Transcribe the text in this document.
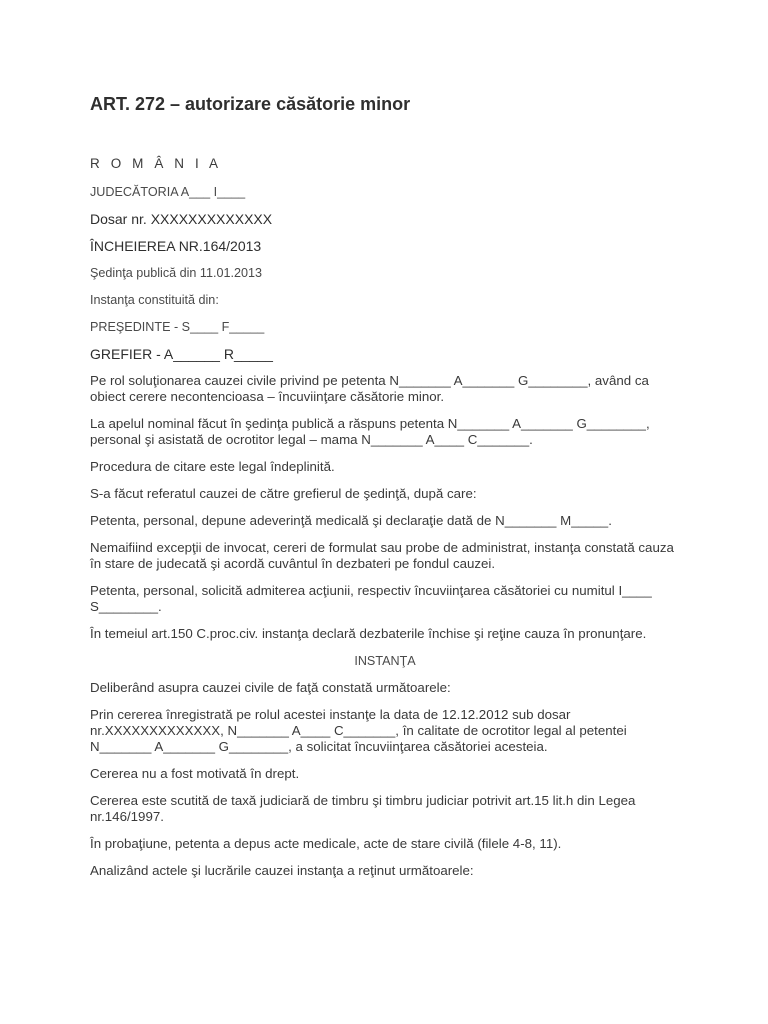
ART. 272 – autorizare căsătorie minor

R O M Â N I A

JUDECĂTORIA A___ I____

Dosar nr. XXXXXXXXXXXXX

ÎNCHEIEREA NR.164/2013

Şedinţa publică din 11.01.2013

Instanţa constituită din:

PREŞEDINTE - S____ F_____

GREFIER - A______ R_____

Pe rol soluţionarea cauzei civile privind pe petenta N_______ A_______ G________, având ca obiect cerere necontencioasa – încuviinţare căsătorie minor.

La apelul nominal făcut în şedinţa publică a răspuns petenta N_______ A_______ G________, personal şi asistată de ocrotitor legal – mama N_______ A____ C_______.

Procedura de citare este legal îndeplinită.

S-a făcut referatul cauzei de către grefierul de şedinţă, după care:

Petenta, personal, depune adeverinţă medicală şi declaraţie dată de N_______ M_____.

Nemaifiind excepţii de invocat, cereri de formulat sau probe de administrat, instanţa constată cauza în stare de judecată şi acordă cuvântul în dezbateri pe fondul cauzei.

Petenta, personal, solicită admiterea acţiunii, respectiv încuviinţarea căsătoriei cu numitul I____ S________.

În temeiul art.150 C.proc.civ. instanţa declară dezbaterile închise şi reţine cauza în pronunţare.

INSTANŢA

Deliberând asupra cauzei civile de faţă constată următoarele:

Prin cererea înregistrată pe rolul acestei instanţe la data de 12.12.2012 sub dosar nr.XXXXXXXXXXXXX, N_______ A____ C_______, în calitate de ocrotitor legal al petentei N_______ A_______ G________, a solicitat încuviinţarea căsătoriei acesteia.

Cererea nu a fost motivată în drept.

Cererea este scutită de taxă judiciară de timbru şi timbru judiciar potrivit art.15 lit.h din Legea nr.146/1997.

În probaţiune, petenta a depus acte medicale, acte de stare civilă (filele 4-8, 11).

Analizând actele şi lucrările cauzei instanţa a reţinut următoarele:
